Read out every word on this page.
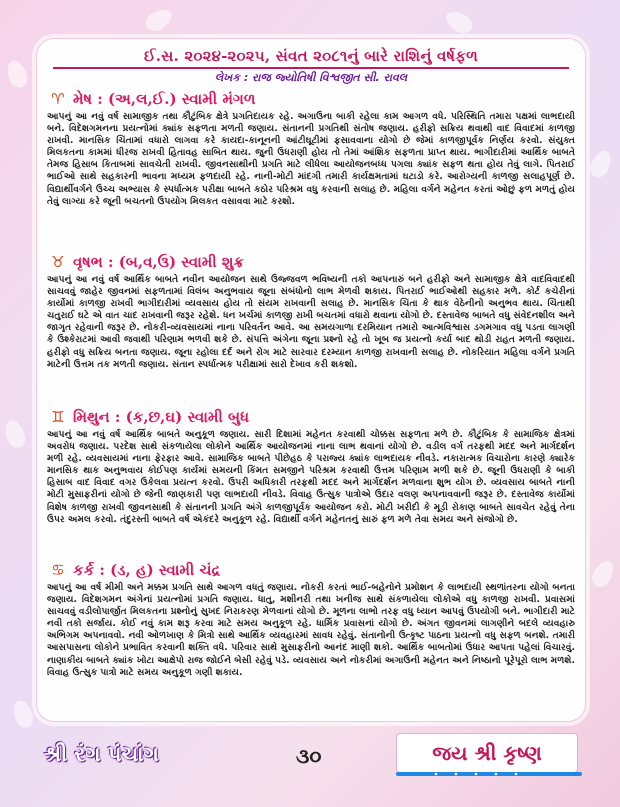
ઈ.સ. ૨૦૨૪-૨૦૨૫, સંવત ૨૦૮૧નું બારે રાશિનું વર્ષફળ
લેખક : રાજ જ્યોતિષી વિશ્વજીત સી. રાવલ
♈ મેષ : (અ,લ,ઈ.) સ્વામી મંગળ
આપનું આ નવું વર્ષ સામાજીક તથા કૌટુંબિક ક્ષેત્રે પ્રગતિદાયક રહે. અગાઉના બાકી રહેલા કામ આગળ વધે. પરિસ્થિતિ તમારા પક્ષમાં લાભદાયી બને. વિદેશગમનના પ્રયત્નોમાં ક્યાંક સફળતા મળતી જણાય. સંતાનની પ્રગતિથી સંતોષ જણાય. હરીફો સક્રિય થવાથી વાદ વિવાદમાં કાળજી રાખવી. માનસિક ચિંતામાં વધારો લાગવા કરે કાયદા-કાનૂનની આંટીઘૂટીમાં ફસાવવાના યોગો છે જેમાં કાળજીપૂર્વક નિર્ણય કરવો. સંયુક્ત મિલકતના કામમાં ધીરજ રાખવી હિતાવહ સાબિત થાય. જુની ઉધરાણી હોય તો તેમાં આંશિક સફળતા પ્રાપ્ત થાય. ભાગીદારીમાં આર્થિક બાબતે તેમજ હિસાબ કિતાબમાં સાવચેતી રાખવી. જીવનસાથીની પ્રગતિ માટે લીધેલા આયોજનબધ્ધ પગલા ક્યાંક સફળ થતા હોય તેવું લાગે. પિતરાઈ ભાઈઓ સાથે સહકારની ભાવના મધ્યમ ફળદાયી રહે. નાની-મોટી માંદગી તમારી કાર્યક્ષમતામાં ઘટાડો કરે. આરોગ્યની કાળજી સલાહપૂર્ણ છે. વિદ્યાર્થીવર્ગને ઉચ્ચ અભ્યાસ કે સ્પર્ધાત્મક પરીક્ષા બાબતે કઠોર પરિશ્રમ વધુ કરવાની સલાહ છે. મહિલા વર્ગને મહેનત કરતાં ઓછું ફળ મળતું હોય તેવું લાગ્યા કરે જૂની બચતનો ઉપયોગ મિલકત વસાવવા માટે કરશો.
♉ વૃષભ : (બ,વ,ઉ) સ્વામી શુક્ર
આપનું આ નવું વર્ષ આર્થિક બાબતે નવીન આયોજન સાથે ઉજ્જવળ ભવિષ્યની તકો આપનારું બને હરીફો અને સામાજીક ક્ષેત્રે વાદવિવાદથી સાચવવું જાહેર જીવનમાં સફળતામાં વિલંબ અનુભવાય જૂના સંબંધોનો લાભ મેળવી શકાય. પિતરાઈ ભાઈઓથી સહકાર મળે. કોર્ટ કચેરીનાં કાર્યોમાં કાળજી રાખવી ભાગીદારીમાં વ્યવસાય હોય તો સંયમ રાખવાની સલાહ છે. માનસિક ચિંતા કે થાક વેઠેનીનો અનુભવ થાય. ચિંતાથી ચતુરાઈ ઘટે એ વાત ચાદ રાખવાની જરૂર રહેશે. ધન ખર્ચમાં કાળજી રાખી બચતમાં વધારો થવાના યોગો છે. દસ્તાવેજ બાબતે વધુ સંવેદનશીલ અને જાગૃત રહેવાની જરૂર છે. નોકરી-વ્યવસાયમાં નાના પરિવર્તન આવે. આ સમયગાળા દરમિયાન તમારો આત્મવિશ્વાસ ડગમગાવ વધુ પડતા લાગણી કે ઉશ્કેરાટમાં આવી જવાથી પરિણામ ભળવી શકે છે. સંપત્તિ અંગેના જૂના પ્રશ્નો રહે તો ખૂબ જ પ્રયત્નો કર્યા બાદ થોડી રાહત મળતી જણાય. હરીફો વધુ સક્રિય બનતા જણાય. જૂના રહોલા દર્દ અને રોગ માટે સારવાર દરમ્યાન કાળજી રાખવાની સલાહ છે. નોકરિયાત મહિલા વર્ગને પ્રગતિ માટેની ઉત્તમ તક મળતી જણાય. સંતાન સ્પર્ધાત્મક પરીક્ષામાં સારો દેખાવ કરી શકશો.
♊ મિથુન : (ક,છ,ઘ) સ્વામી બુધ
આપનું આ નવું વર્ષ આર્થિક બાબતે અનુકૂળ જણાય. સારી દિશામાં મહેનત કરવાથી ચોક્કસ સફળતા મળે છે. કૌટુંબિક કે સામાજિક ક્ષેત્રમાં અવરોધ જણાય. પરદેશ સાથે સંકળાયેલા લોકોને આર્થિક આયોજનમાં નાના લાભ થવાનાં યોગો છે. વડીલ વર્ગ તરફથી મદદ અને માર્ગદર્શન મળી રહે. વ્યવસાયમાં નાના ફેરફાર આવે. સામાજિક બાબતે પીછેહઠ કે પરાજ્ય ક્યાંક લાભદાયક નીવડે. નકારાત્મક વિચારોના કારણે ક્યારેક માનસિક થાક અનુભવાય કોઈપણ કાર્યમાં સમયની કિંમત સમજીને પરિશ્રમ કરવાથી ઉત્તમ પરિણામ મળી શકે છે. જૂની ઉધરાણી કે બાકી હિસાબ વાદ વિવાદ વગર ઉકેલવા પ્રયત્ન કરવો. ઉપરી અધિકારી તરફથી મદદ અને માર્ગદર્શન મળવાના શુભ યોગ છે. વ્યવસાય બાબતે નાની મોટી મુસાફરીનાં યોગો છે જેની જાણકારી પણ લાભદાયી નીવડે. વિવાહ ઉત્સુક પાત્રોએ ઉદાર વલણ અપનાવવાની જરૂર છે. દસ્તાવેજ કાર્યોમાં વિશેષ કાળજી રાખવી જીવનસાથી કે સંતાનની પ્રગતિ અંગે કાળજીપૂર્વક આયોજન કરો. મોટી ખરીદી કે મૂડી રોકાણ બાબતે સાવચેત રહેવું તેના ઉપર અમલ કરવો. તંદુરસ્તી બાબતે વર્ષ એકંદરે અનુકૂળ રહે. વિદ્યાર્થી વર્ગને મહેનતનું સારું ફળ મળે તેવા સમય અને સંજોગો છે.
♋ કર્ક : (ડ, હ) સ્વામી ચંદ્ર
આપનું આ વર્ષ મીમી અને મક્કમ પ્રગતિ સાથે આગળ વધતું જણાય. નોકરી કરતાં ભાઈ-બહેનોને પ્રમોશન કે લાભદાયી સ્થળાંતરના યોગો બનતા જણાય. વિદેશગમન અંગેનાં પ્રયત્નોમાં પ્રગતિ જણાય. ધાતુ, મશીનરી તથા ખનીજ સાથે સંકળાયેલા લોકોએ વધુ કાળજી રાખવી. પ્રવાસમાં સાચવવું વડીલોપાર્જીત મિલકતના પ્રશ્નોનું સુખદ નિરાકરણ મેળવાનાં યોગો છે. મૂળના લાભો તરફ વધુ ધ્યાન આપવું ઉપયોગી બને. ભાગીદારી માટે નવી તકો સર્જાય. કોઈ નવું કામ શરૂ કરવા માટે સમય અનુકૂળ રહે. ધાર્મિક પ્રવાસનાં યોગો છે. અંગત જીવનમાં લાગણીને બદલે વ્યવહારુ અભિગમ અપનાવવો. નવી ઓળખાણ કે મિત્રો સાથે આર્થિક વ્યવહારમાં સાવધ રહેવું. સંતાનોની ઉત્કૃષ્ટ પાઠના પ્રયત્નો વધુ સફળ બનશે. તમારી આસપાસના લોકોને પ્રભાવિત કરવાની શક્તિ વધે. પરિવાર સાથે મુસાફરીનો આનંદ માણી શકો. આર્થિક બાબતોમાં ઉધાર આપતા પહેલાં વિચારવું. નાણાકીય બાબતે ક્યાંક ખોટા આક્ષેપો રાજ જોઈને બેસી રહેવું પડે. વ્યવસાય અને નોકરીમાં અગાઉની મહેનત અને નિષ્ઠાનો પૂરેપૂરો લાભ મળશે. વિવાહ ઉત્સુક પાત્રો માટે સમય અનુકૂળ ગણી શકાય.
શ્રી રંગ પંચાંગ	૩૦	જય શ્રી કૃષ્ણ
